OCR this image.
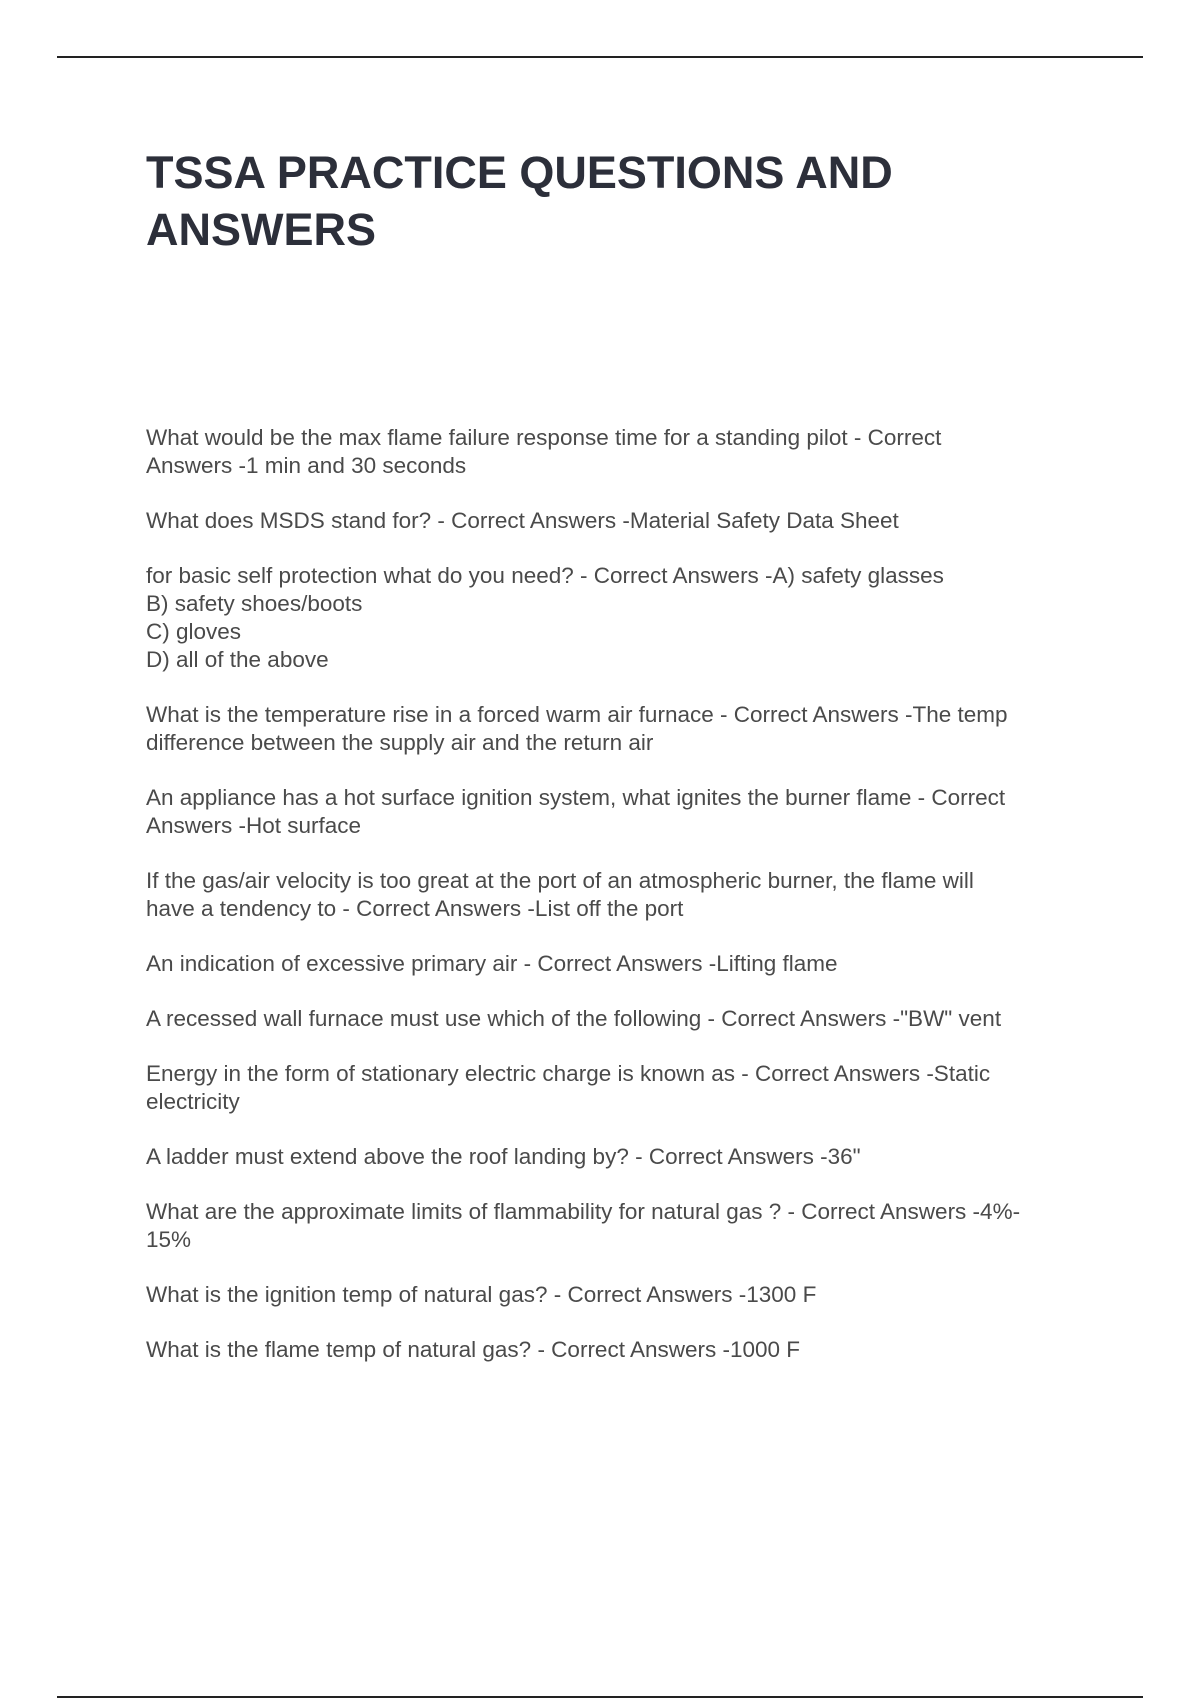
TSSA PRACTICE QUESTIONS AND
ANSWERS
What would be the max flame failure response time for a standing pilot - Correct
Answers -1 min and 30 seconds
What does MSDS stand for? - Correct Answers -Material Safety Data Sheet
for basic self protection what do you need? - Correct Answers -A) safety glasses
B) safety shoes/boots
C) gloves
D) all of the above
What is the temperature rise in a forced warm air furnace - Correct Answers -The temp
difference between the supply air and the return air
An appliance has a hot surface ignition system, what ignites the burner flame - Correct
Answers -Hot surface
If the gas/air velocity is too great at the port of an atmospheric burner, the flame will
have a tendency to - Correct Answers -List off the port
An indication of excessive primary air - Correct Answers -Lifting flame
A recessed wall furnace must use which of the following - Correct Answers -"BW" vent
Energy in the form of stationary electric charge is known as - Correct Answers -Static
electricity
A ladder must extend above the roof landing by? - Correct Answers -36"
What are the approximate limits of flammability for natural gas ? - Correct Answers -4%-
15%
What is the ignition temp of natural gas? - Correct Answers -1300 F
What is the flame temp of natural gas? - Correct Answers -1000 F
